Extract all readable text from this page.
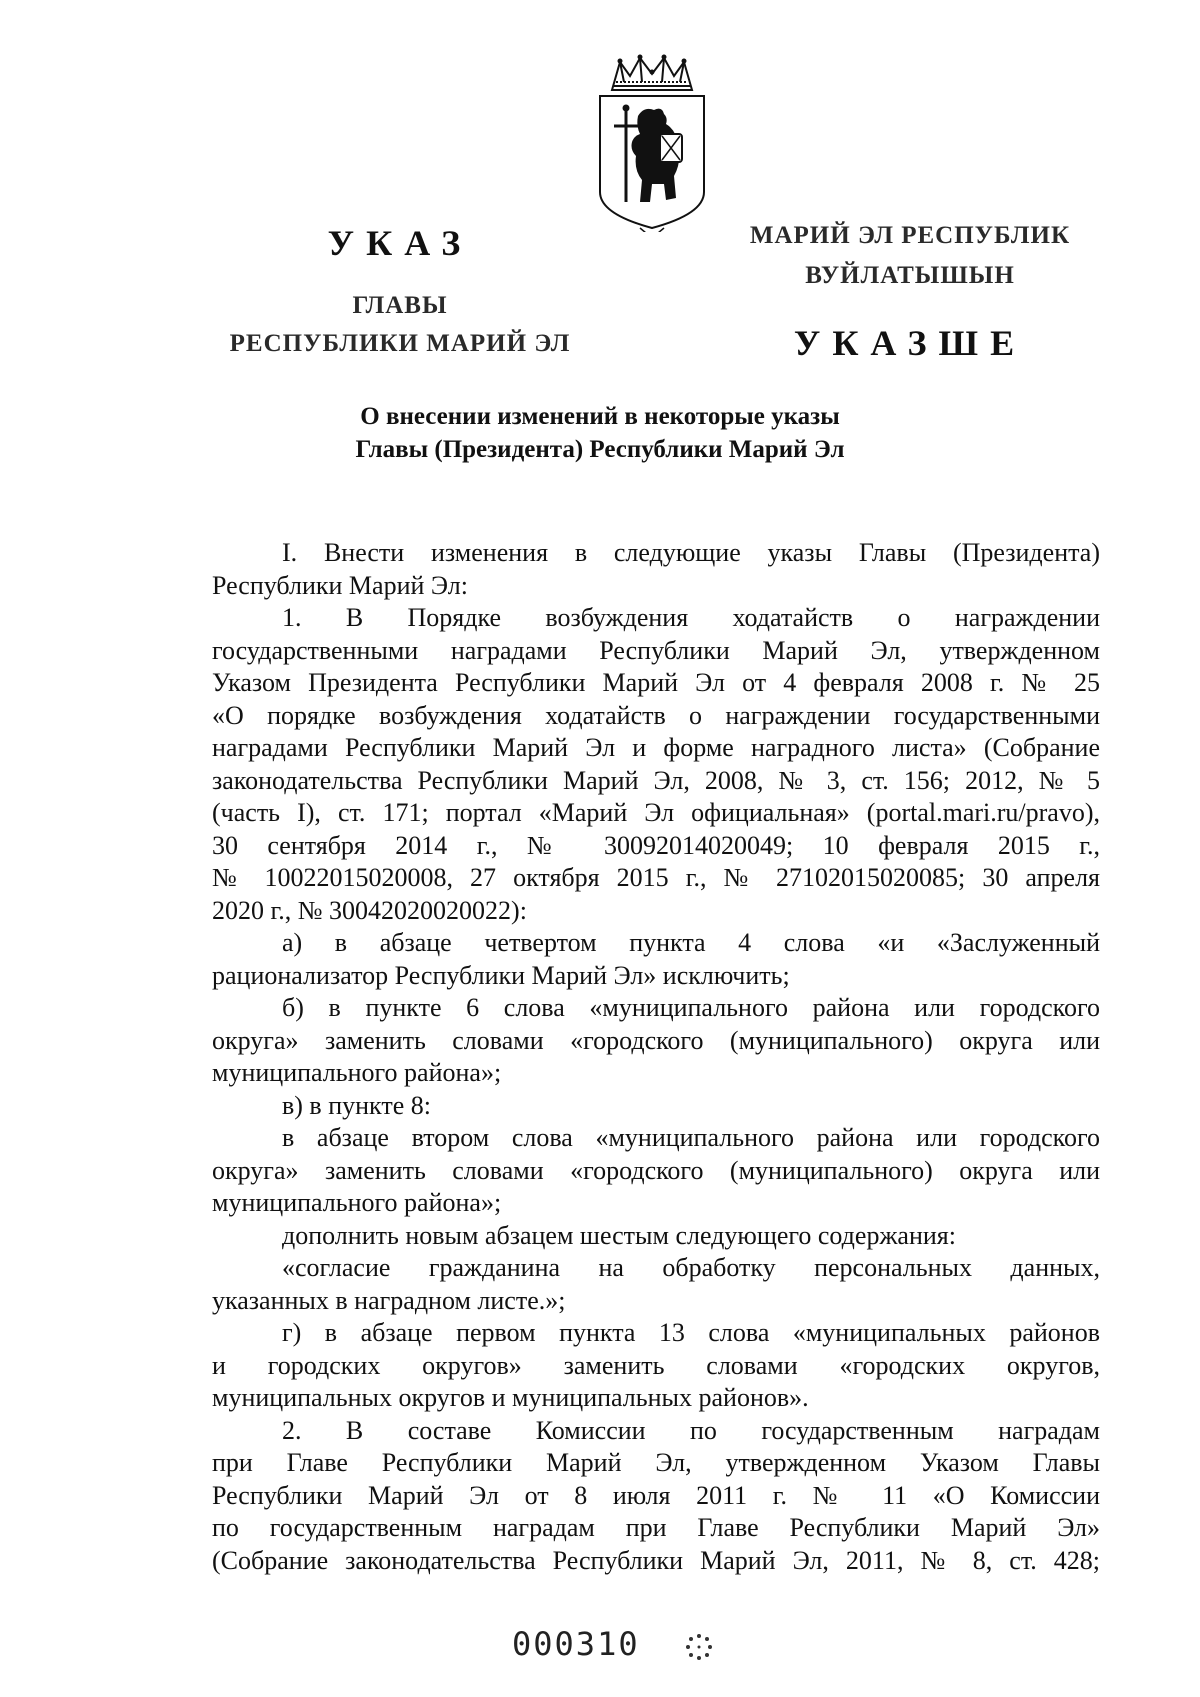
УКАЗ
ГЛАВЫ
РЕСПУБЛИКИ МАРИЙ ЭЛ
МАРИЙ ЭЛ РЕСПУБЛИК
ВУЙЛАТЫШЫН
УКАЗШЕ
О внесении изменений в некоторые указы
Главы (Президента) Республики Марий Эл
I. Внести изменения в следующие указы Главы (Президента)
Республики Марий Эл:
1. В Порядке возбуждения ходатайств о награждении
государственными наградами Республики Марий Эл, утвержденном
Указом Президента Республики Марий Эл от 4 февраля 2008 г. № 25
«О порядке возбуждения ходатайств о награждении государственными
наградами Республики Марий Эл и форме наградного листа» (Собрание
законодательства Республики Марий Эл, 2008, № 3, ст. 156; 2012, № 5
(часть I), ст. 171; портал «Марий Эл официальная» (portal.mari.ru/pravo),
30 сентября 2014 г., № 30092014020049; 10 февраля 2015 г.,
№ 10022015020008, 27 октября 2015 г., № 27102015020085; 30 апреля
2020 г., № 30042020020022):
а) в абзаце четвертом пункта 4 слова «и «Заслуженный
рационализатор Республики Марий Эл» исключить;
б) в пункте 6 слова «муниципального района или городского
округа» заменить словами «городского (муниципального) округа или
муниципального района»;
в) в пункте 8:
в абзаце втором слова «муниципального района или городского
округа» заменить словами «городского (муниципального) округа или
муниципального района»;
дополнить новым абзацем шестым следующего содержания:
«согласие гражданина на обработку персональных данных,
указанных в наградном листе.»;
г) в абзаце первом пункта 13 слова «муниципальных районов
и городских округов» заменить словами «городских округов,
муниципальных округов и муниципальных районов».
2. В составе Комиссии по государственным наградам
при Главе Республики Марий Эл, утвержденном Указом Главы
Республики Марий Эл от 8 июля 2011 г. № 11 «О Комиссии
по государственным наградам при Главе Республики Марий Эл»
(Собрание законодательства Республики Марий Эл, 2011, № 8, ст. 428;
000310
